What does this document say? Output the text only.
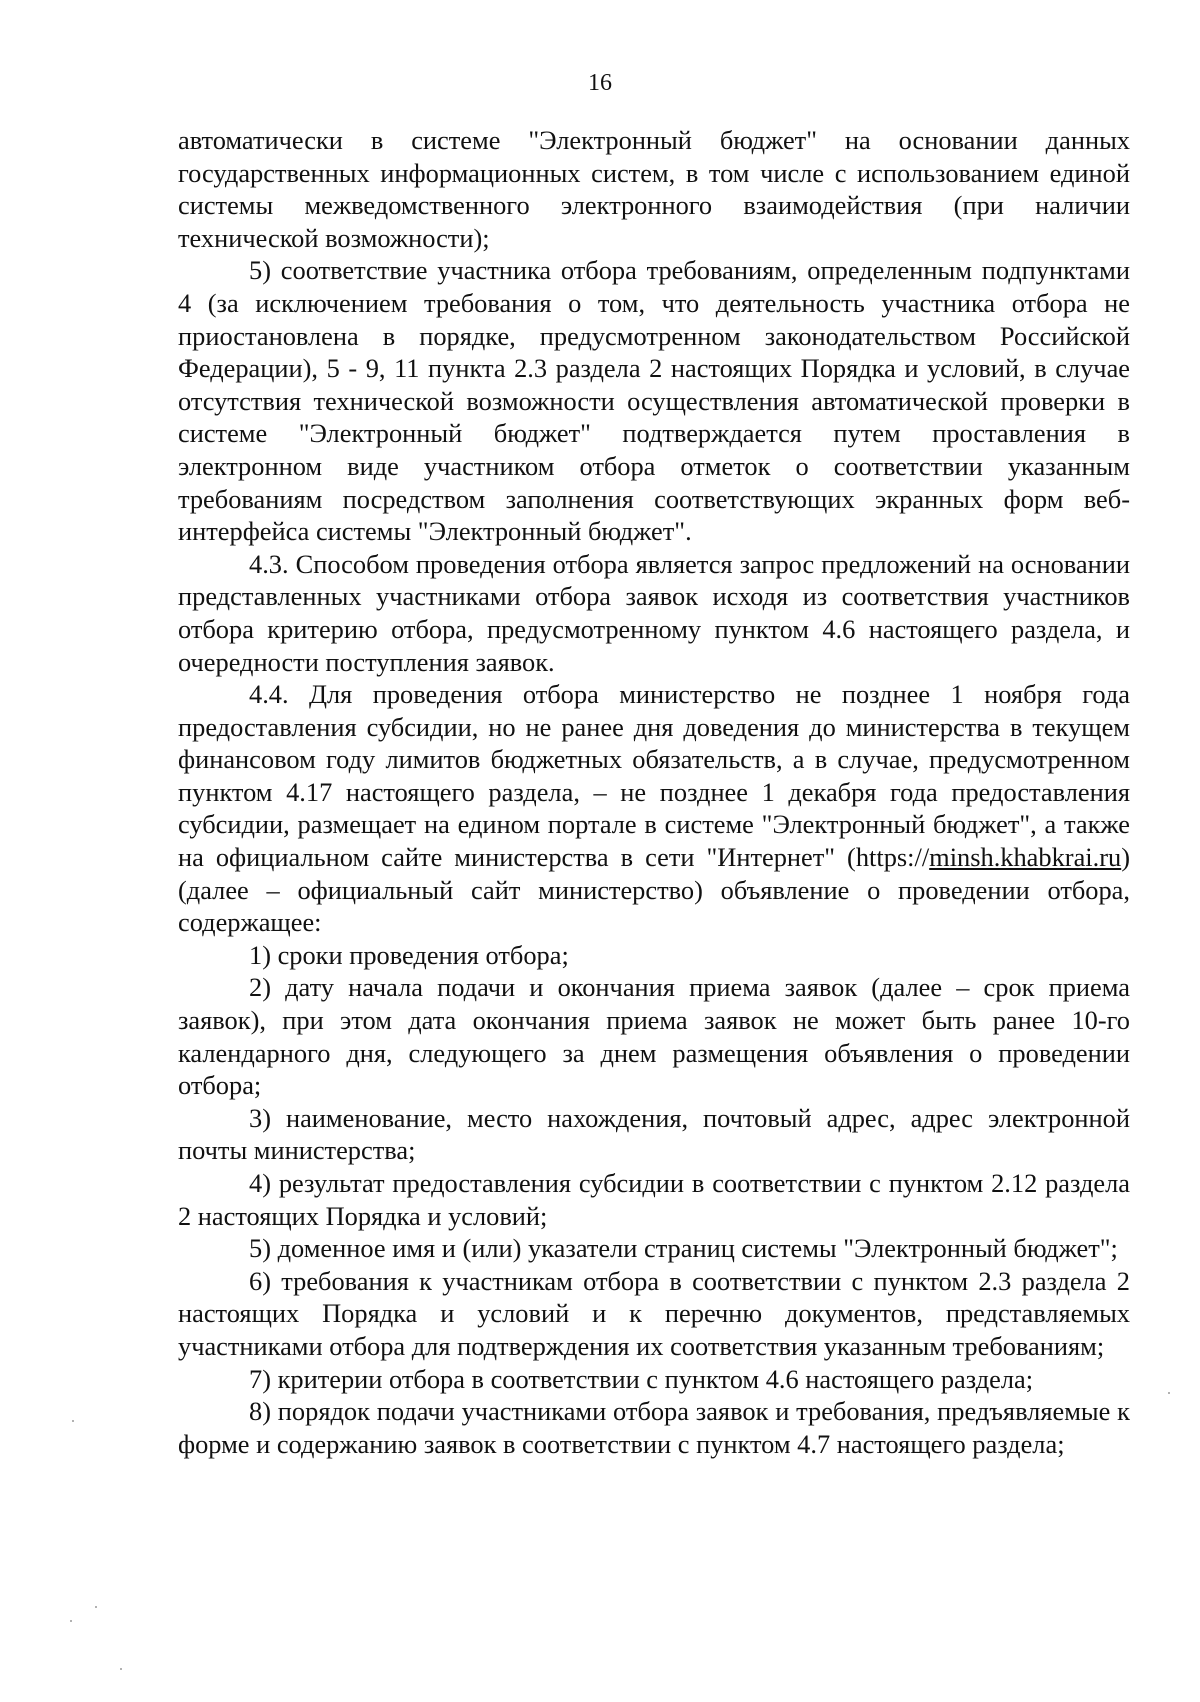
16

автоматически в системе "Электронный бюджет" на основании данных государственных информационных систем, в том числе с использованием единой системы межведомственного электронного взаимодействия (при наличии технической возможности);

5) соответствие участника отбора требованиям, определенным подпунктами 4 (за исключением требования о том, что деятельность участника отбора не приостановлена в порядке, предусмотренном законодательством Российской Федерации), 5 - 9, 11 пункта 2.3 раздела 2 настоящих Порядка и условий, в случае отсутствия технической возможности осуществления автоматической проверки в системе "Электронный бюджет" подтверждается путем проставления в электронном виде участником отбора отметок о соответствии указанным требованиям посредством заполнения соответствующих экранных форм веб-интерфейса системы "Электронный бюджет".

4.3. Способом проведения отбора является запрос предложений на основании представленных участниками отбора заявок исходя из соответствия участников отбора критерию отбора, предусмотренному пунктом 4.6 настоящего раздела, и очередности поступления заявок.

4.4. Для проведения отбора министерство не позднее 1 ноября года предоставления субсидии, но не ранее дня доведения до министерства в текущем финансовом году лимитов бюджетных обязательств, а в случае, предусмотренном пунктом 4.17 настоящего раздела, – не позднее 1 декабря года предоставления субсидии, размещает на едином портале в системе "Электронный бюджет", а также на официальном сайте министерства в сети "Интернет" (https://minsh.khabkrai.ru) (далее – официальный сайт министерство) объявление о проведении отбора, содержащее:

1) сроки проведения отбора;

2) дату начала подачи и окончания приема заявок (далее – срок приема заявок), при этом дата окончания приема заявок не может быть ранее 10-го календарного дня, следующего за днем размещения объявления о проведении отбора;

3) наименование, место нахождения, почтовый адрес, адрес электронной почты министерства;

4) результат предоставления субсидии в соответствии с пунктом 2.12 раздела 2 настоящих Порядка и условий;

5) доменное имя и (или) указатели страниц системы "Электронный бюджет";

6) требования к участникам отбора в соответствии с пунктом 2.3 раздела 2 настоящих Порядка и условий и к перечню документов, представляемых участниками отбора для подтверждения их соответствия указанным требованиям;

7) критерии отбора в соответствии с пунктом 4.6 настоящего раздела;

8) порядок подачи участниками отбора заявок и требования, предъявляемые к форме и содержанию заявок в соответствии с пунктом 4.7 настоящего раздела;
